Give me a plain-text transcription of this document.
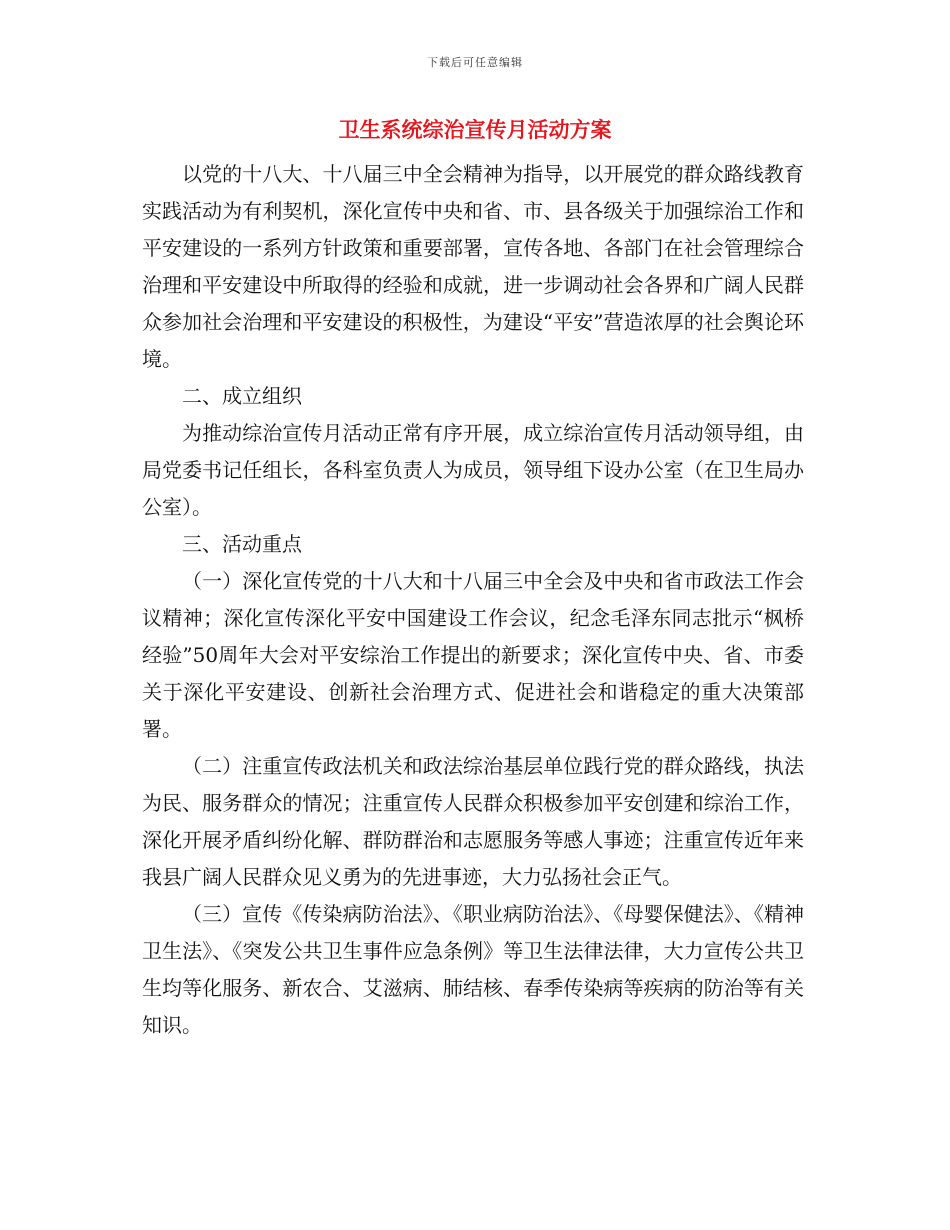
下载后可任意编辑
卫生系统综治宣传月活动方案

以党的十八大、十八届三中全会精神为指导，以开展党的群众路线教育实践活动为有利契机，深化宣传中央和省、市、县各级关于加强综治工作和平安建设的一系列方针政策和重要部署，宣传各地、各部门在社会管理综合治理和平安建设中所取得的经验和成就，进一步调动社会各界和广阔人民群众参加社会治理和平安建设的积极性，为建设“平安”营造浓厚的社会舆论环境。

二、成立组织

为推动综治宣传月活动正常有序开展，成立综治宣传月活动领导组，由局党委书记任组长，各科室负责人为成员，领导组下设办公室（在卫生局办公室）。

三、活动重点

（一）深化宣传党的十八大和十八届三中全会及中央和省市政法工作会议精神；深化宣传深化平安中国建设工作会议，纪念毛泽东同志批示“枫桥经验”50周年大会对平安综治工作提出的新要求；深化宣传中央、省、市委关于深化平安建设、创新社会治理方式、促进社会和谐稳定的重大决策部署。

（二）注重宣传政法机关和政法综治基层单位践行党的群众路线，执法为民、服务群众的情况；注重宣传人民群众积极参加平安创建和综治工作，深化开展矛盾纠纷化解、群防群治和志愿服务等感人事迹；注重宣传近年来我县广阔人民群众见义勇为的先进事迹，大力弘扬社会正气。

（三）宣传《传染病防治法》、《职业病防治法》、《母婴保健法》、《精神卫生法》、《突发公共卫生事件应急条例》等卫生法律法律，大力宣传公共卫生均等化服务、新农合、艾滋病、肺结核、春季传染病等疾病的防治等有关知识。
